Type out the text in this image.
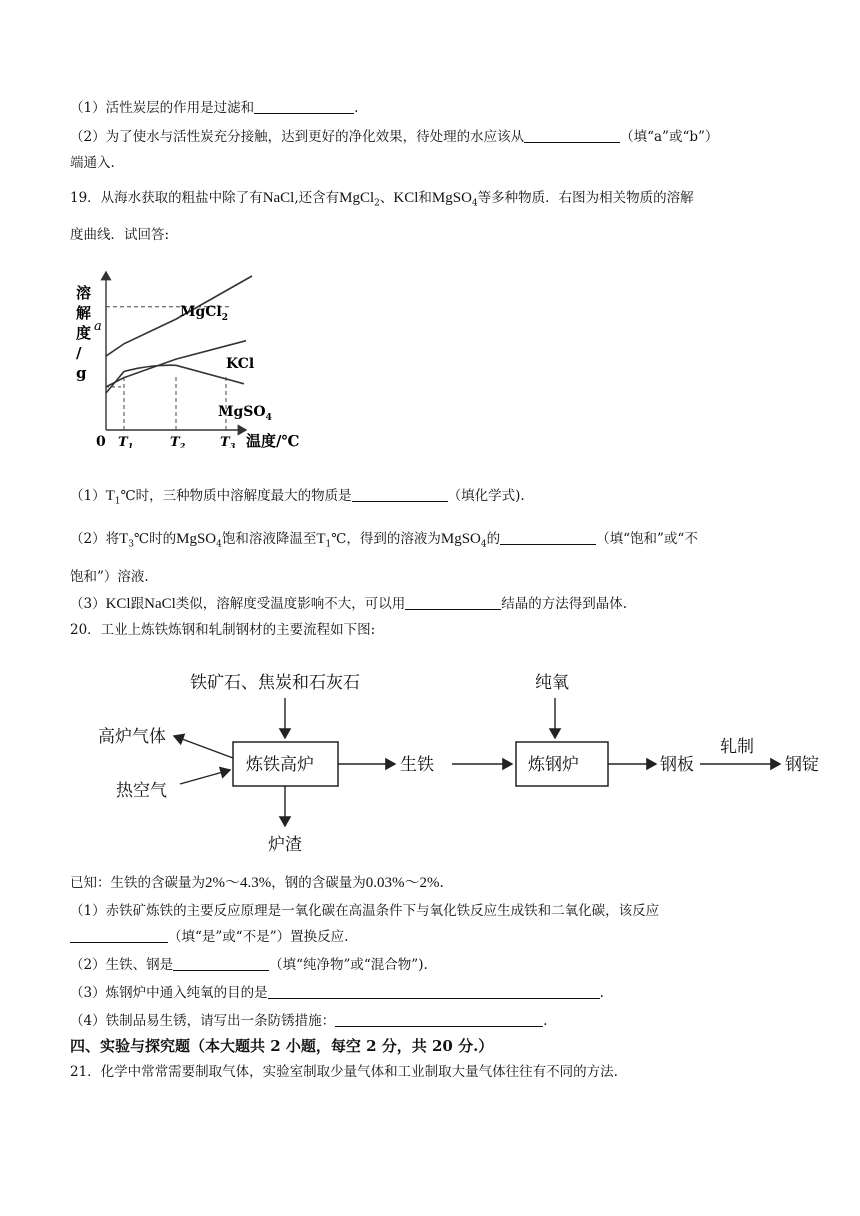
（1）活性炭层的作用是过滤和	.
（2）为了使水与活性炭充分接触，达到更好的净化效果，待处理的水应该从	（填“a”或“b”）
端通入.
19．从海水获取的粗盐中除了有NaCl,还含有MgCl$_2$、KCl和MgSO$_4$等多种物质．右图为相关物质的溶解
度曲线．试回答:
溶解度/ g
0
a
$T_1$	$T_2$	$T_3$ 温度/℃
MgCl$_2$
KCl
MgSO$_4$
$(1)T_1℃$时，三种物质中溶解度最大的物质是	（填化学式).
（2）将$T_3℃$时的MgSO$_4$饱和溶液降温至$T_1℃$，得到的溶液为MgSO$_4$的	（填“饱和”或“不
饱和”）溶液.
（3）KCl跟NaCl类似，溶解度受温度影响不大，可以用	结晶的方法得到晶体.
20．工业上炼铁炼钢和轧制钢材的主要流程如下图:
铁矿石、焦炭和石灰石
炼铁高炉
高炉气体
热空气
炉渣
生铁	炼钢炉
纯氧
钢板
轧制
钢锭
已知：生铁的含碳量为2%～4.3%，钢的含碳量为0.03%～2%.
（1）赤铁矿炼铁的主要反应原理是一氧化碳在高温条件下与氧化铁反应生成铁和二氧化碳，该反应
（填“是”或“不是”）置换反应.
（2）生铁、钢是	（填“纯净物”或“混合物”).
（3）炼钢炉中通入纯氧的目的是	.
（4）铁制品易生锈，请写出一条防锈措施：	.
四、实验与探究题（本大题共 2 小题，每空 2 分，共 20 分.）
21．化学中常常需要制取气体，实验室制取少量气体和工业制取大量气体往往有不同的方法.
